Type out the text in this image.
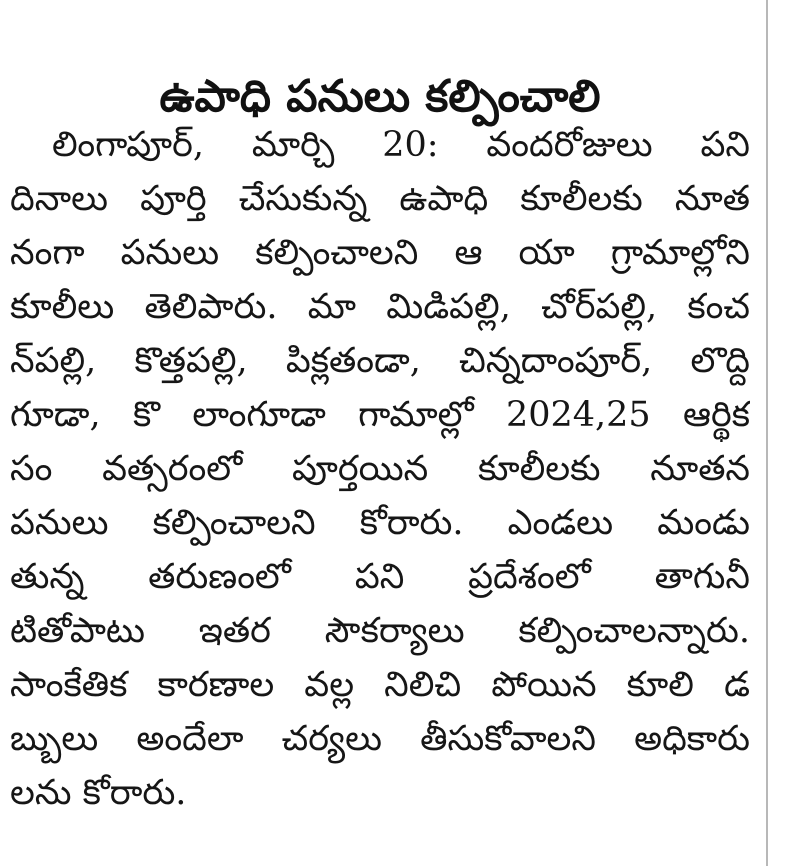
ఉపాధి పనులు కల్పించాలి
లింగాపూర్, మార్చి 20: వందరోజులు పని
దినాలు పూర్తి చేసుకున్న ఉపాధి కూలీలకు నూత
నంగా పనులు కల్పించాలని ఆ యా గ్రామాల్లోని
కూలీలు తెలిపారు. మా మిడిపల్లి, చోర్‌పల్లి, కంచ
న్‌పల్లి, కొత్తపల్లి, పిక్లతండా, చిన్నదాంపూర్, లొద్ది
గూడా, కొ లాంగూడా గామాల్లో 2024,25 ఆర్థిక
సం వత్సరంలో పూర్తయిన కూలీలకు నూతన
పనులు కల్పించాలని కోరారు. ఎండలు మండు
తున్న తరుణంలో పని ప్రదేశంలో తాగునీ
టితోపాటు ఇతర సౌకర్యాలు కల్పించాలన్నారు.
సాంకేతిక కారణాల వల్ల నిలిచి పోయిన కూలి డ
బ్బులు అందేలా చర్యలు తీసుకోవాలని అధికారు
లను కోరారు.
